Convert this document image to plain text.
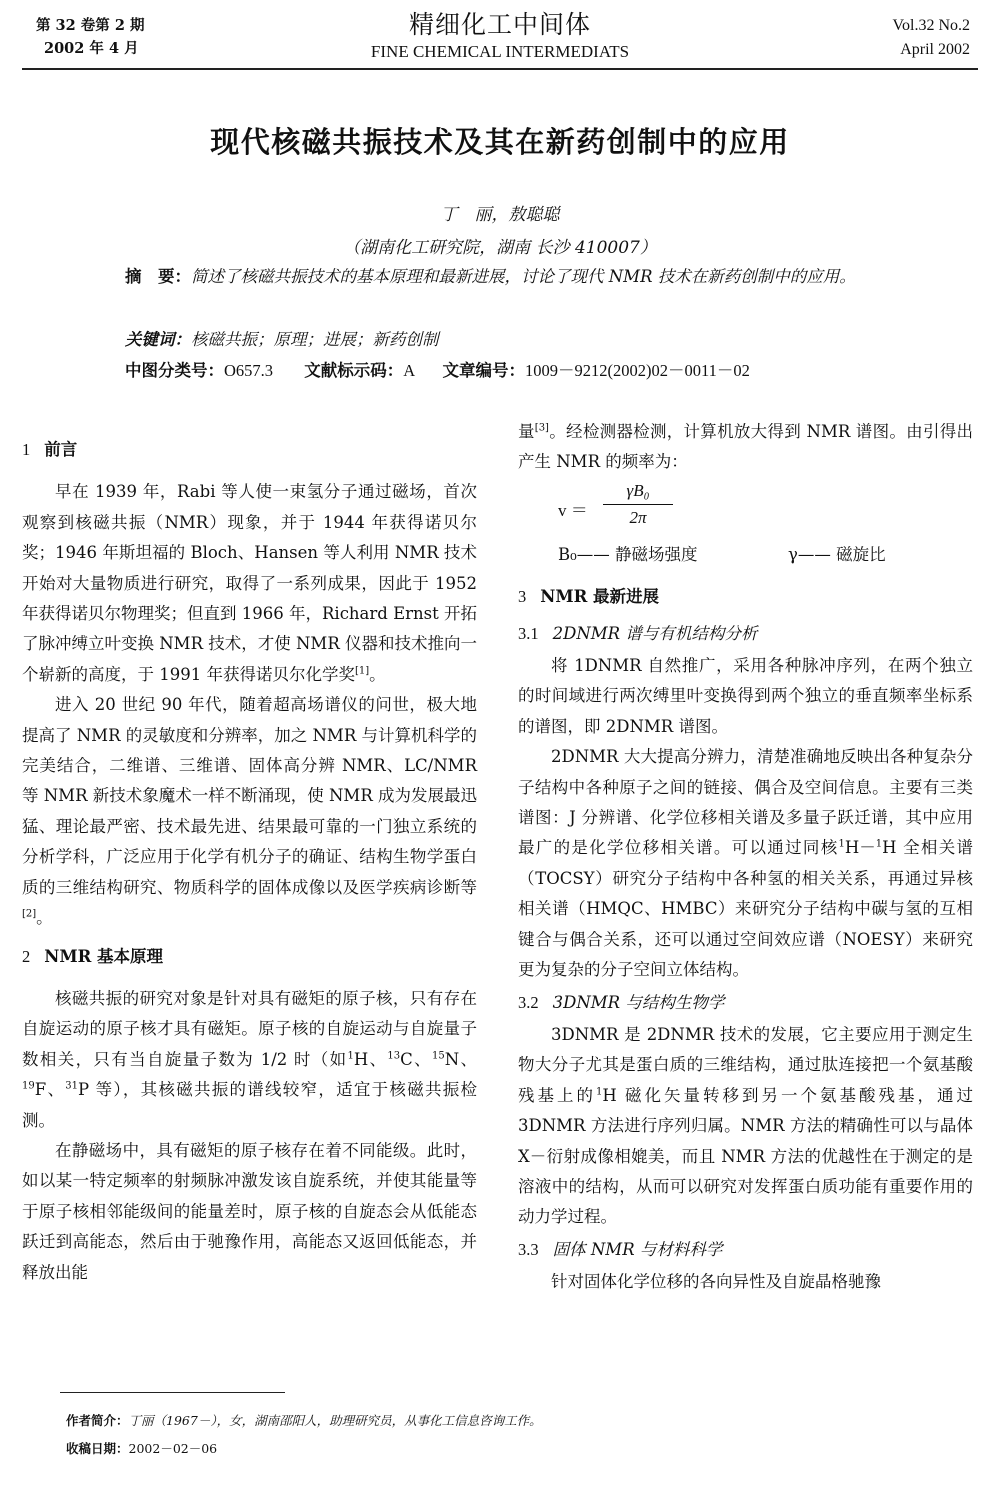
第 32 卷第 2 期
2002 年 4 月
精细化工中间体
FINE CHEMICAL INTERMEDIATS
Vol.32 No.2
April 2002
现代核磁共振技术及其在新药创制中的应用
丁　丽，敖聪聪
（湖南化工研究院，湖南 长沙 410007）
摘　要：简述了核磁共振技术的基本原理和最新进展，讨论了现代 NMR 技术在新药创制中的应用。
关键词：核磁共振；原理；进展；新药创制
中图分类号：O657.3 文献标示码：A 文章编号：1009－9212(2002)02－0011－02
1 前言
早在 1939 年，Rabi 等人使一束氢分子通过磁场，首次观察到核磁共振（NMR）现象，并于 1944 年获得诺贝尔奖；1946 年斯坦福的 Bloch、Hansen 等人利用 NMR 技术开始对大量物质进行研究，取得了一系列成果，因此于 1952 年获得诺贝尔物理奖；但直到 1966 年，Richard Ernst 开拓了脉冲缚立叶变换 NMR 技术，才使 NMR 仪器和技术推向一个崭新的高度，于 1991 年获得诺贝尔化学奖[1]。
进入 20 世纪 90 年代，随着超高场谱仪的问世，极大地提高了 NMR 的灵敏度和分辨率，加之 NMR 与计算机科学的完美结合，二维谱、三维谱、固体高分辨 NMR、LC/NMR 等 NMR 新技术象魔术一样不断涌现，使 NMR 成为发展最迅猛、理论最严密、技术最先进、结果最可靠的一门独立系统的分析学科，广泛应用于化学有机分子的确证、结构生物学蛋白质的三维结构研究、物质科学的固体成像以及医学疾病诊断等[2]。
2 NMR 基本原理
核磁共振的研究对象是针对具有磁矩的原子核，只有存在自旋运动的原子核才具有磁矩。原子核的自旋运动与自旋量子数相关，只有当自旋量子数为 1/2 时（如$^1$H、$^{13}$C、$^{15}$N、$^{19}$F、$^{31}$P 等），其核磁共振的谱线较窄，适宜于核磁共振检测。
在静磁场中，具有磁矩的原子核存在着不同能级。此时，如以某一特定频率的射频脉冲激发该自旋系统，并使其能量等于原子核相邻能级间的能量差时，原子核的自旋态会从低能态跃迁到高能态，然后由于驰豫作用，高能态又返回低能态，并释放出能
量[3]。经检测器检测，计算机放大得到 NMR 谱图。由引得出产生 NMR 的频率为：
$v = \frac{\text{γB₀}}{2\pi}$
B₀—— 静磁场强度	γ—— 磁旋比
3 NMR 最新进展
3.1 2DNMR 谱与有机结构分析
将 1DNMR 自然推广，采用各种脉冲序列，在两个独立的时间域进行两次缚里叶变换得到两个独立的垂直频率坐标系的谱图，即 2DNMR 谱图。
2DNMR 大大提高分辨力，清楚准确地反映出各种复杂分子结构中各种原子之间的链接、偶合及空间信息。主要有三类谱图：J 分辨谱、化学位移相关谱及多量子跃迁谱，其中应用最广的是化学位移相关谱。可以通过同核$^1$H－$^1$H 全相关谱（TOCSY）研究分子结构中各种氢的相关关系，再通过异核相关谱（HMQC、HMBC）来研究分子结构中碳与氢的互相键合与偶合关系，还可以通过空间效应谱（NOESY）来研究更为复杂的分子空间立体结构。
3.2 3DNMR 与结构生物学
3DNMR 是 2DNMR 技术的发展，它主要应用于测定生物大分子尤其是蛋白质的三维结构，通过肽连接把一个氨基酸残基上的$^1$H 磁化矢量转移到另一个氨基酸残基，通过 3DNMR 方法进行序列归属。NMR 方法的精确性可以与晶体 X－衍射成像相媲美，而且 NMR 方法的优越性在于测定的是溶液中的结构，从而可以研究对发挥蛋白质功能有重要作用的动力学过程。
3.3 固体 NMR 与材料科学
针对固体化学位移的各向异性及自旋晶格驰豫
作者简介：丁丽（1967－），女，湖南邵阳人，助理研究员，从事化工信息咨询工作。
收稿日期：2002－02－06
